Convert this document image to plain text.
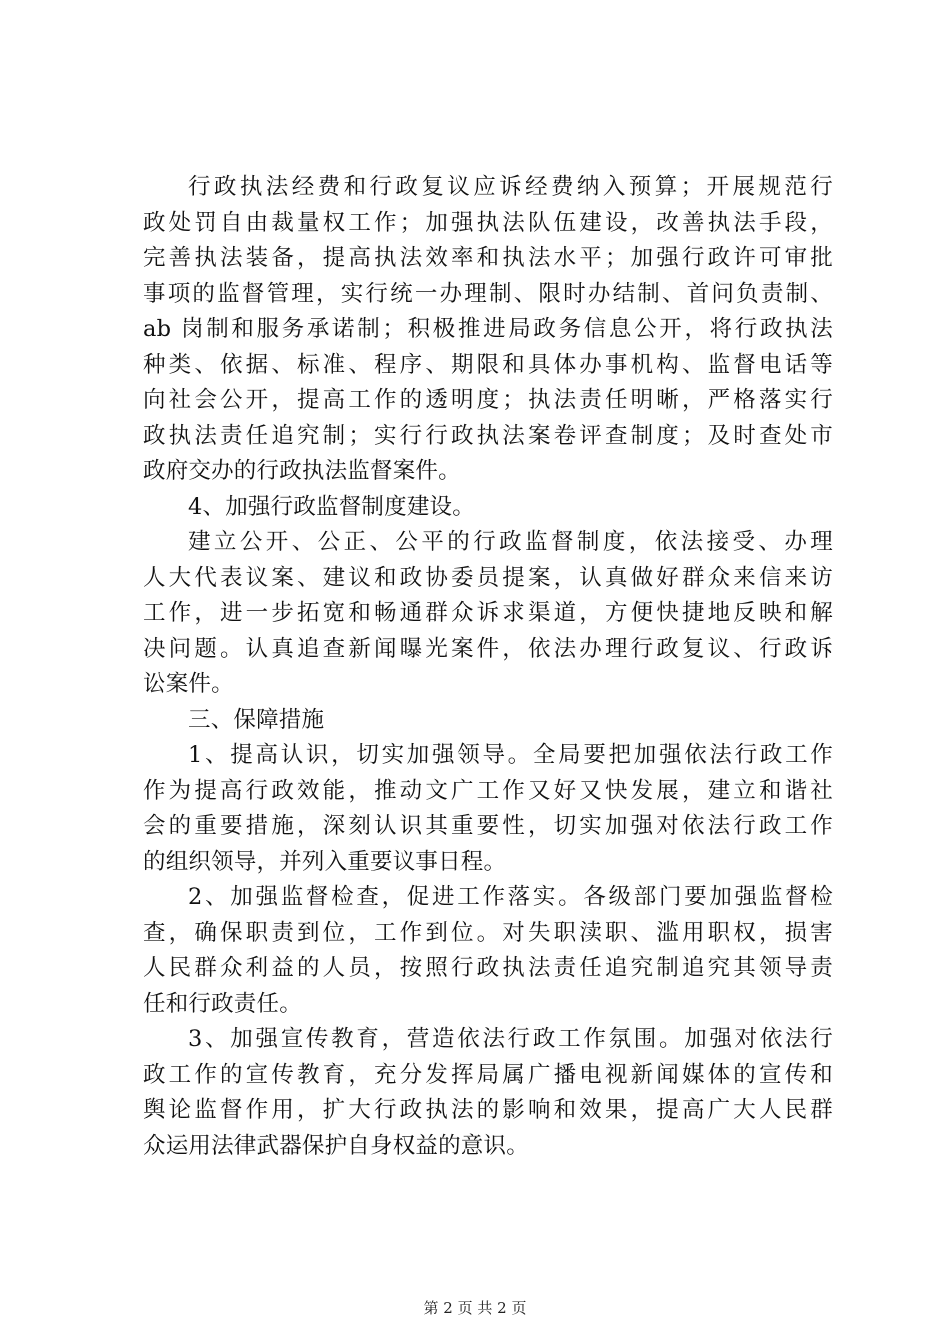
行政执法经费和行政复议应诉经费纳入预算；开展规范行
政处罚自由裁量权工作；加强执法队伍建设，改善执法手段，
完善执法装备，提高执法效率和执法水平；加强行政许可审批
事项的监督管理，实行统一办理制、限时办结制、首问负责制、
ab 岗制和服务承诺制；积极推进局政务信息公开，将行政执法
种类、依据、标准、程序、期限和具体办事机构、监督电话等
向社会公开，提高工作的透明度；执法责任明晰，严格落实行
政执法责任追究制；实行行政执法案卷评查制度；及时查处市
政府交办的行政执法监督案件。
4、加强行政监督制度建设。
建立公开、公正、公平的行政监督制度，依法接受、办理
人大代表议案、建议和政协委员提案，认真做好群众来信来访
工作，进一步拓宽和畅通群众诉求渠道，方便快捷地反映和解
决问题。认真追查新闻曝光案件，依法办理行政复议、行政诉
讼案件。
三、保障措施
1、提高认识，切实加强领导。全局要把加强依法行政工作
作为提高行政效能，推动文广工作又好又快发展，建立和谐社
会的重要措施，深刻认识其重要性，切实加强对依法行政工作
的组织领导，并列入重要议事日程。
2、加强监督检查，促进工作落实。各级部门要加强监督检
查，确保职责到位，工作到位。对失职渎职、滥用职权，损害
人民群众利益的人员，按照行政执法责任追究制追究其领导责
任和行政责任。
3、加强宣传教育，营造依法行政工作氛围。加强对依法行
政工作的宣传教育，充分发挥局属广播电视新闻媒体的宣传和
舆论监督作用，扩大行政执法的影响和效果，提高广大人民群
众运用法律武器保护自身权益的意识。
第 2 页 共 2 页
